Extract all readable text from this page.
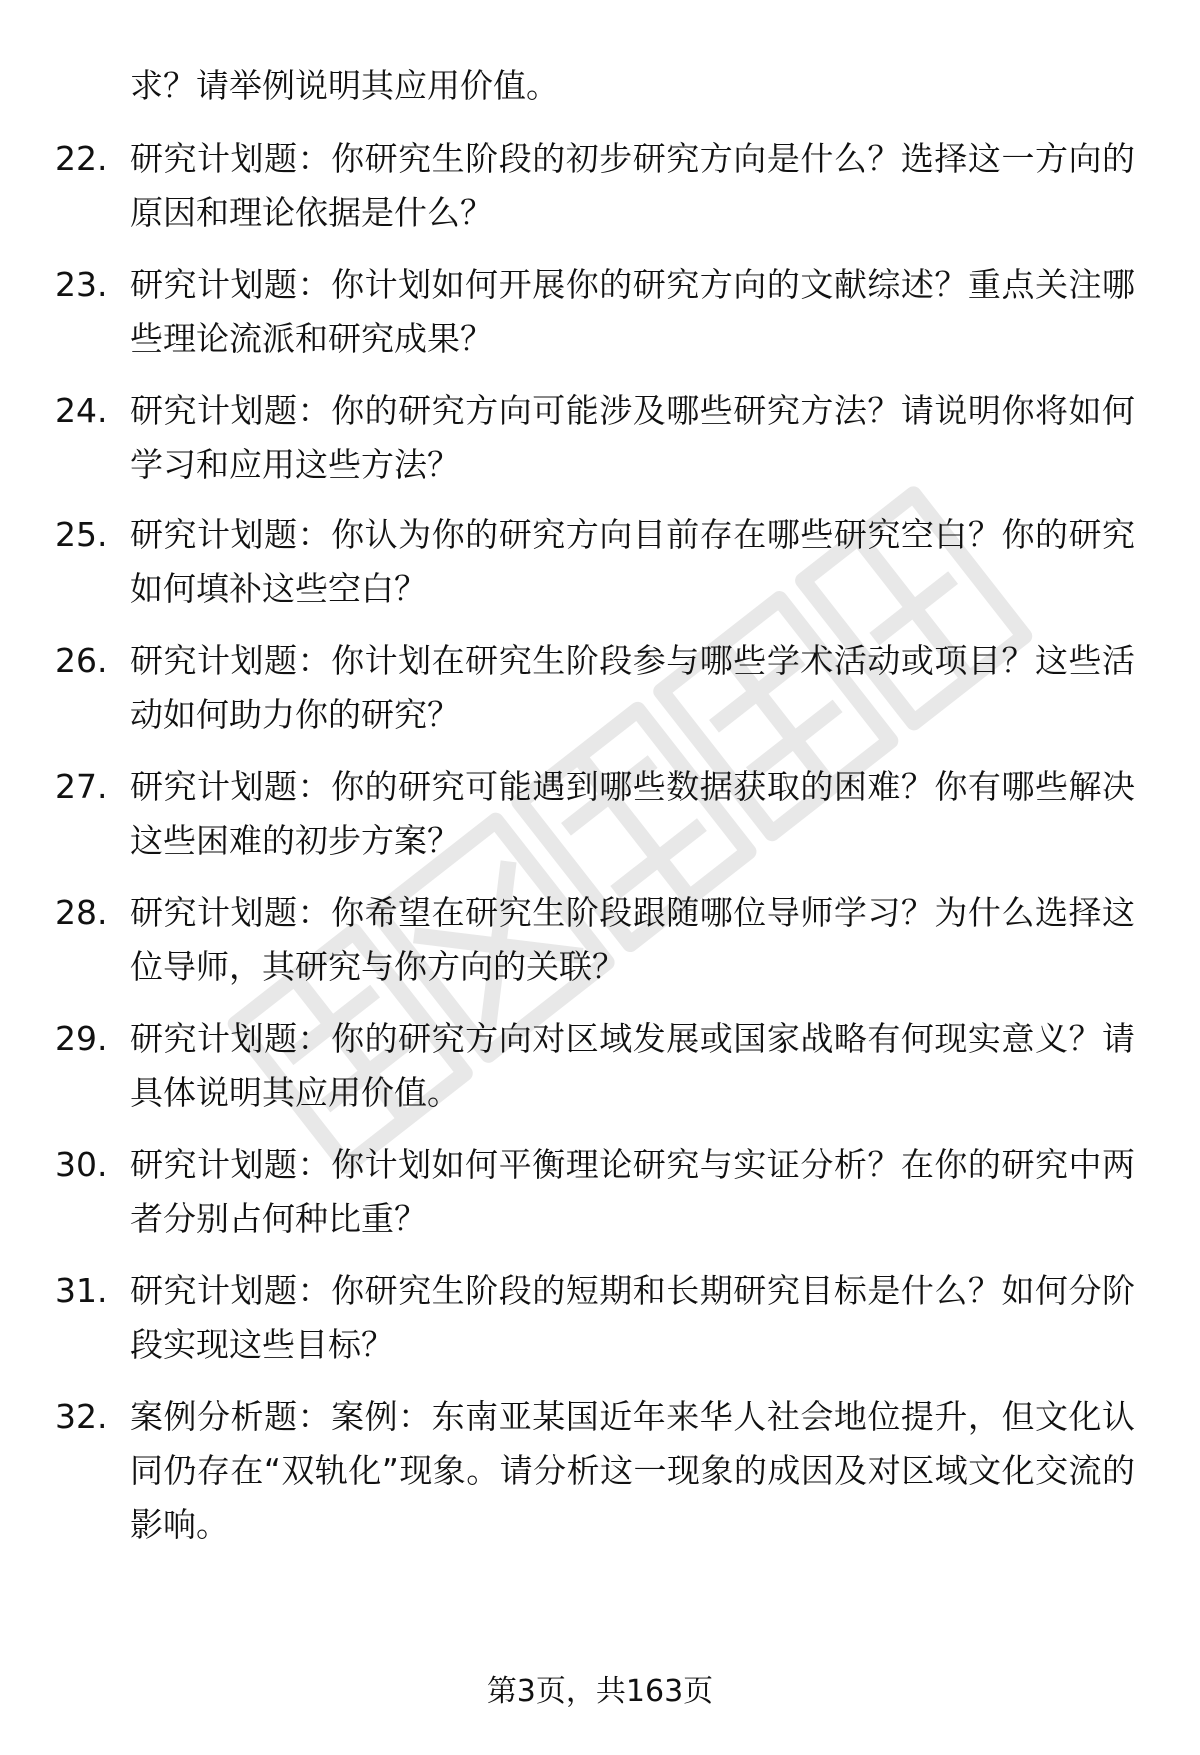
求？请举例说明其应用价值。
22. 研究计划题：你研究生阶段的初步研究方向是什么？选择这一方向的原因和理论依据是什么？
23. 研究计划题：你计划如何开展你的研究方向的文献综述？重点关注哪些理论流派和研究成果？
24. 研究计划题：你的研究方向可能涉及哪些研究方法？请说明你将如何学习和应用这些方法？
25. 研究计划题：你认为你的研究方向目前存在哪些研究空白？你的研究如何填补这些空白？
26. 研究计划题：你计划在研究生阶段参与哪些学术活动或项目？这些活动如何助力你的研究？
27. 研究计划题：你的研究可能遇到哪些数据获取的困难？你有哪些解决这些困难的初步方案？
28. 研究计划题：你希望在研究生阶段跟随哪位导师学习？为什么选择这位导师，其研究与你方向的关联？
29. 研究计划题：你的研究方向对区域发展或国家战略有何现实意义？请具体说明其应用价值。
30. 研究计划题：你计划如何平衡理论研究与实证分析？在你的研究中两者分别占何种比重？
31. 研究计划题：你研究生阶段的短期和长期研究目标是什么？如何分阶段实现这些目标？
32. 案例分析题：案例：东南亚某国近年来华人社会地位提升，但文化认同仍存在“双轨化”现象。请分析这一现象的成因及对区域文化交流的影响。
第3页，共163页
